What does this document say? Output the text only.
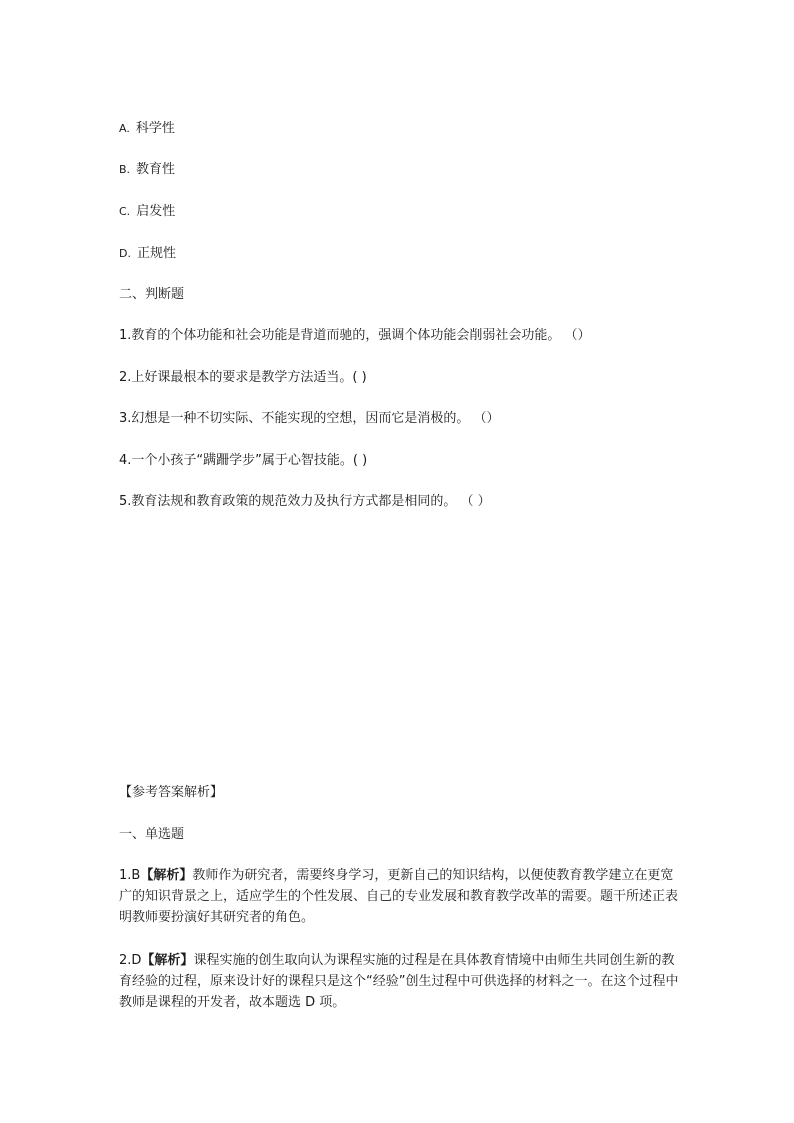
A. 科学性
B. 教育性
C. 启发性
D. 正规性
二、判断题
1.教育的个体功能和社会功能是背道而驰的，强调个体功能会削弱社会功能。 （）
2.上好课最根本的要求是教学方法适当。( )
3.幻想是一种不切实际、不能实现的空想，因而它是消极的。 （）
4.一个小孩子“蹒跚学步”属于心智技能。( )
5.教育法规和教育政策的规范效力及执行方式都是相同的。 （ ）
【参考答案解析】
一、单选题
1.B【解析】教师作为研究者，需要终身学习，更新自己的知识结构，以便使教育教学建立在更宽广的知识背景之上，适应学生的个性发展、自己的专业发展和教育教学改革的需要。题干所述正表明教师要扮演好其研究者的角色。
2.D【解析】课程实施的创生取向认为课程实施的过程是在具体教育情境中由师生共同创生新的教育经验的过程，原来设计好的课程只是这个“经验”创生过程中可供选择的材料之一。在这个过程中教师是课程的开发者，故本题选 D 项。
